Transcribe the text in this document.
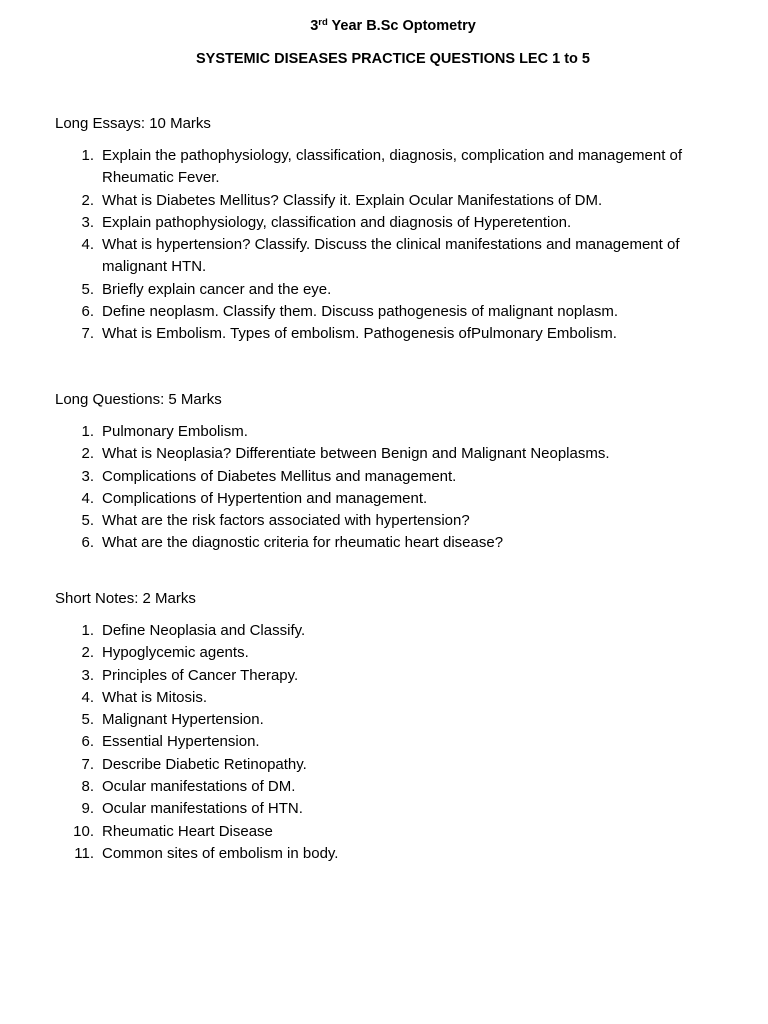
3rd Year B.Sc Optometry
SYSTEMIC DISEASES PRACTICE QUESTIONS LEC 1 to 5
Long Essays: 10 Marks
1. Explain the pathophysiology, classification, diagnosis, complication and management of Rheumatic Fever.
2. What is Diabetes Mellitus? Classify it. Explain Ocular Manifestations of DM.
3. Explain pathophysiology, classification and diagnosis of Hyperetention.
4. What is hypertension? Classify. Discuss the clinical manifestations and management of malignant HTN.
5. Briefly explain cancer and the eye.
6. Define neoplasm. Classify them. Discuss pathogenesis of malignant noplasm.
7. What is Embolism. Types of embolism. Pathogenesis ofPulmonary Embolism.
Long Questions: 5 Marks
1. Pulmonary Embolism.
2. What is Neoplasia? Differentiate between Benign and Malignant Neoplasms.
3. Complications of Diabetes Mellitus and management.
4. Complications of Hypertention and management.
5. What are the risk factors associated with hypertension?
6. What are the diagnostic criteria for rheumatic heart disease?
Short Notes: 2 Marks
1. Define Neoplasia and Classify.
2. Hypoglycemic agents.
3. Principles of Cancer Therapy.
4. What is Mitosis.
5. Malignant Hypertension.
6. Essential Hypertension.
7. Describe Diabetic Retinopathy.
8. Ocular manifestations of DM.
9. Ocular manifestations of HTN.
10. Rheumatic Heart Disease
11. Common sites of embolism in body.
